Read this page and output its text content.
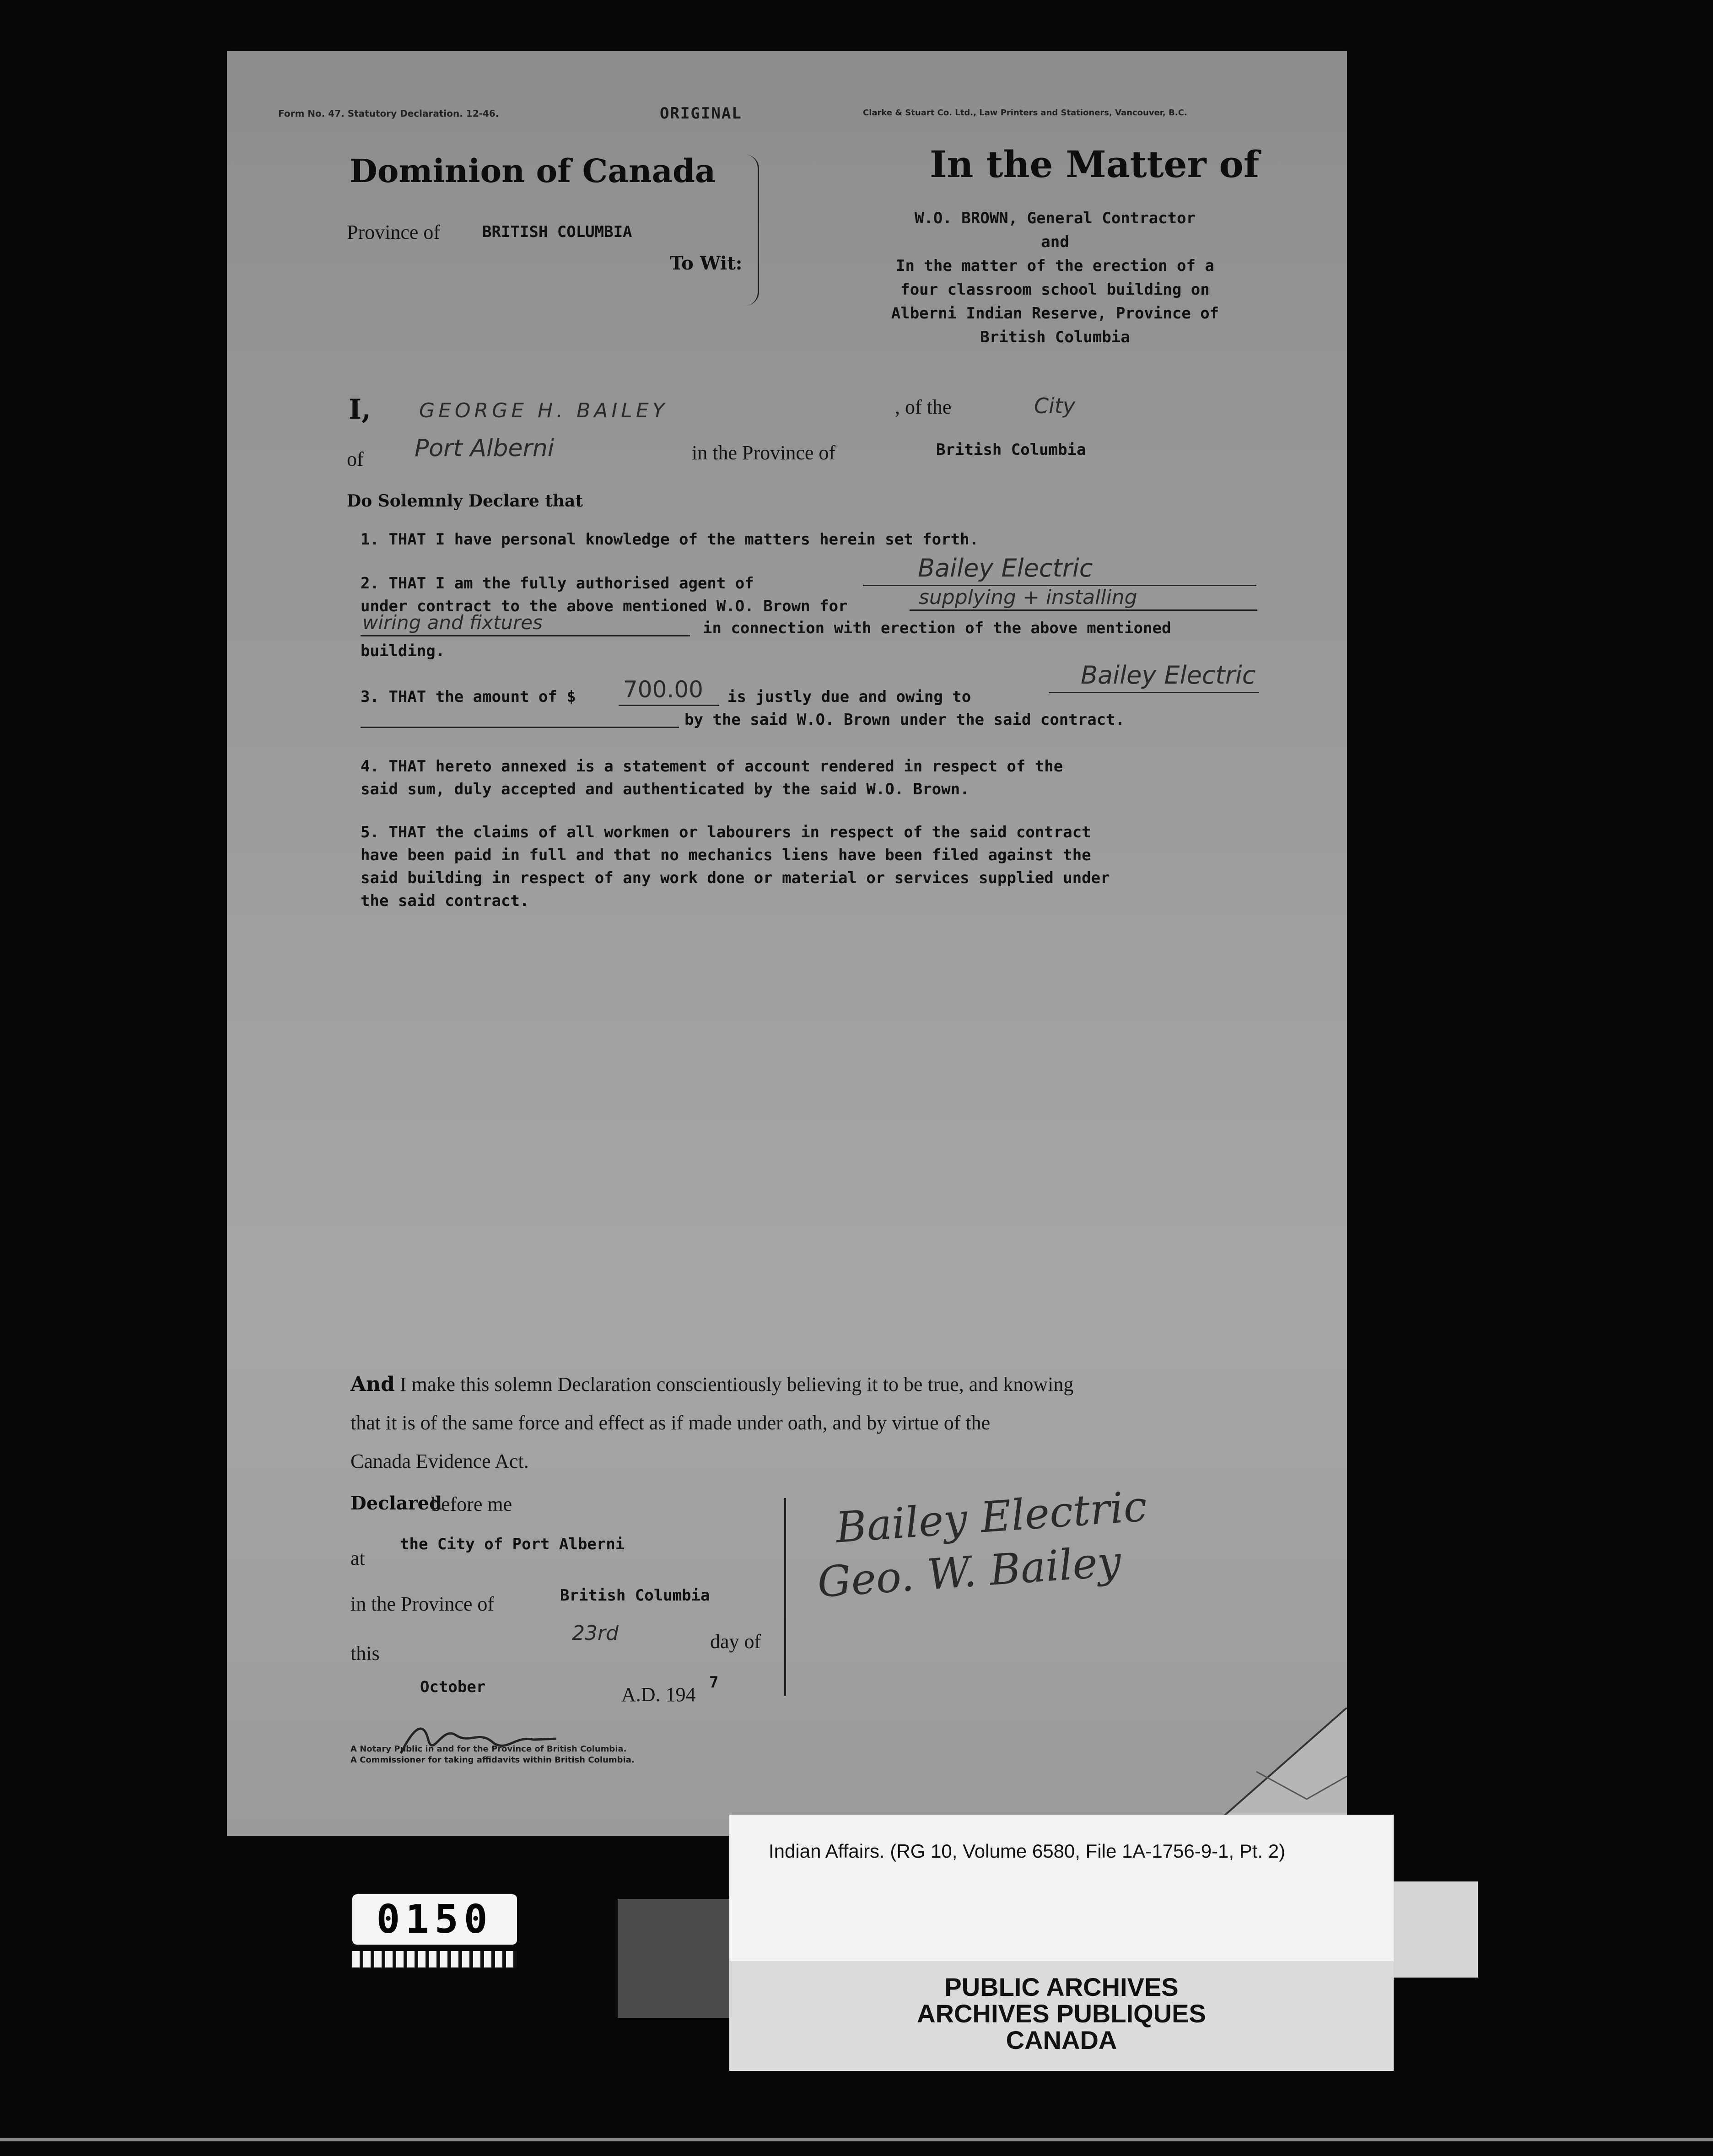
Form No. 47. Statutory Declaration. 12-46.	ORIGINAL	Clarke & Stuart Co. Ltd., Law Printers and Stationers, Vancouver, B.C.
Dominion of Canada
Province of	BRITISH COLUMBIA
To Wit:
In the Matter of
W.O. BROWN, General Contractor
and
In the matter of the erection of a
four classroom school building on
Alberni Indian Reserve, Province of
British Columbia
I, GEORGE H. BAILEY	, of the	City
of Port Alberni	in the Province of	British Columbia
Do Solemnly Declare that
1. THAT I have personal knowledge of the matters herein set forth.
2. THAT I am the fully authorised agent of
Bailey Electric
under contract to the above mentioned W.O. Brown for	supplying + installing
wiring and fixtures	in connection with erection of the above mentioned
building.
3. THAT the amount of $ 700.00 is justly due and owing to
Bailey Electric
by the said W.O. Brown under the said contract.
4. THAT hereto annexed is a statement of account rendered in respect of the
said sum, duly accepted and authenticated by the said W.O. Brown.
5. THAT the claims of all workmen or labourers in respect of the said contract
have been paid in full and that no mechanics liens have been filed against the
said building in respect of any work done or material or services supplied under
the said contract.
And I make this solemn Declaration conscientiously believing it to be true, and knowing
that it is of the same force and effect as if made under oath, and by virtue of the
Canada Evidence Act.
Declared
before me
at
the City of Port Alberni
in the Province of	British Columbia
this
23rd	day of
October	A.D. 194
7
A Notary Public in and for the Province of British Columbia.
A Commissioner for taking affidavits within British Columbia.
Bailey Electric
Geo. W. Bailey
0150
Indian Affairs. (RG 10, Volume 6580, File 1A-1756-9-1, Pt. 2)
PUBLIC ARCHIVES
ARCHIVES PUBLIQUES
CANADA
